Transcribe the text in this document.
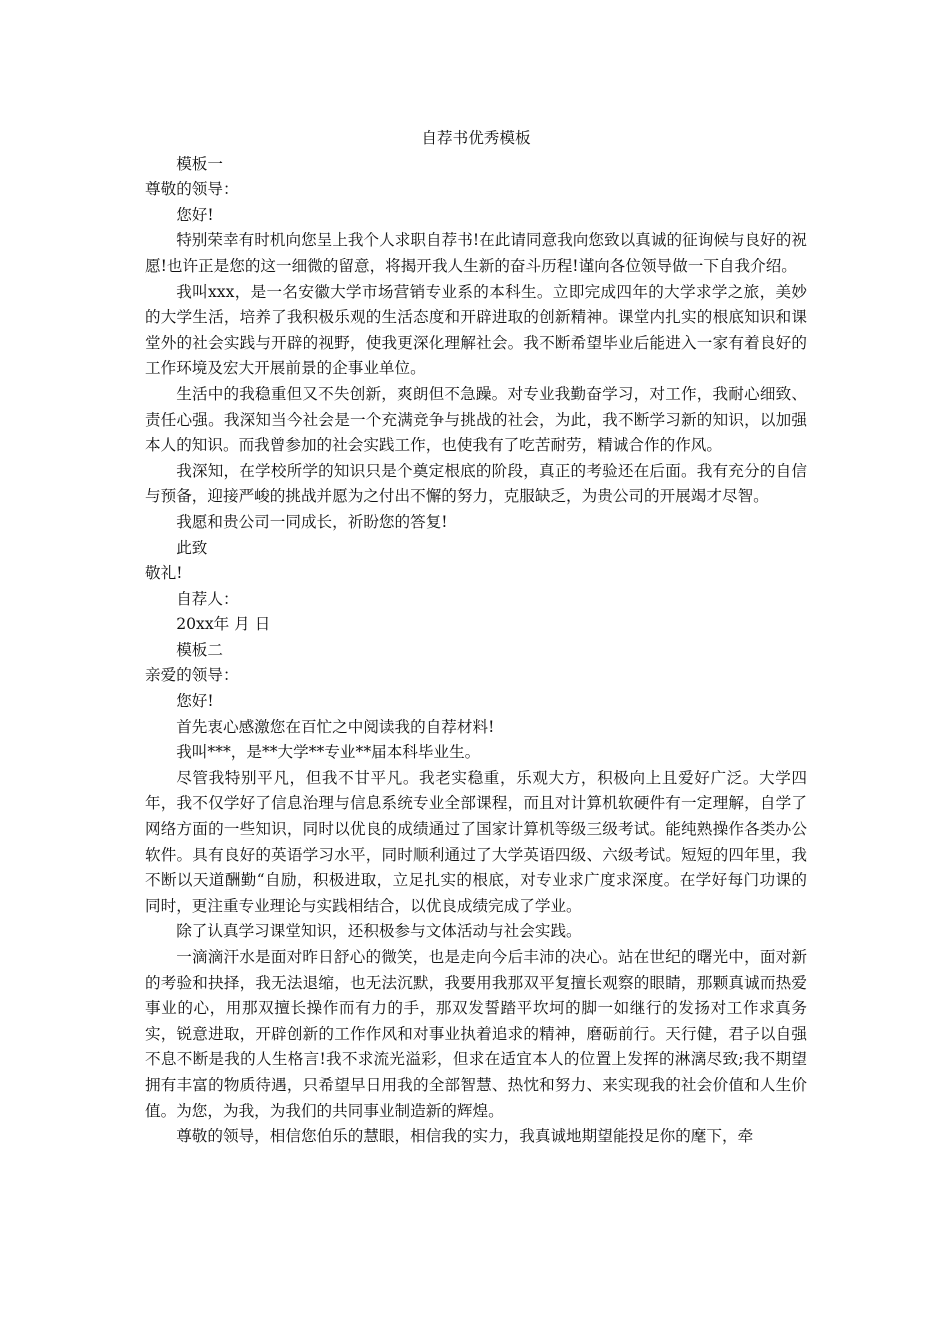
自荐书优秀模板

模板一

尊敬的领导：

您好!

特别荣幸有时机向您呈上我个人求职自荐书!在此请同意我向您致以真诚的征询候与良好的祝愿!也许正是您的这一细微的留意，将揭开我人生新的奋斗历程!谨向各位领导做一下自我介绍。

我叫xxx，是一名安徽大学市场营销专业系的本科生。立即完成四年的大学求学之旅，美妙的大学生活，培养了我积极乐观的生活态度和开辟进取的创新精神。课堂内扎实的根底知识和课堂外的社会实践与开辟的视野，使我更深化理解社会。我不断希望毕业后能进入一家有着良好的工作环境及宏大开展前景的企事业单位。

生活中的我稳重但又不失创新，爽朗但不急躁。对专业我勤奋学习，对工作，我耐心细致、责任心强。我深知当今社会是一个充满竞争与挑战的社会，为此，我不断学习新的知识，以加强本人的知识。而我曾参加的社会实践工作，也使我有了吃苦耐劳，精诚合作的作风。

我深知，在学校所学的知识只是个奠定根底的阶段，真正的考验还在后面。我有充分的自信与预备，迎接严峻的挑战并愿为之付出不懈的努力，克服缺乏，为贵公司的开展竭才尽智。

我愿和贵公司一同成长，祈盼您的答复!

此致

敬礼!

自荐人：

20xx年 月 日

模板二

亲爱的领导：

您好!

首先衷心感激您在百忙之中阅读我的自荐材料!

我叫***，是**大学**专业**届本科毕业生。

尽管我特别平凡，但我不甘平凡。我老实稳重，乐观大方，积极向上且爱好广泛。大学四年，我不仅学好了信息治理与信息系统专业全部课程，而且对计算机软硬件有一定理解，自学了网络方面的一些知识，同时以优良的成绩通过了国家计算机等级三级考试。能纯熟操作各类办公软件。具有良好的英语学习水平，同时顺利通过了大学英语四级、六级考试。短短的四年里，我不断以天道酬勤“自励，积极进取，立足扎实的根底，对专业求广度求深度。在学好每门功课的同时，更注重专业理论与实践相结合，以优良成绩完成了学业。

除了认真学习课堂知识，还积极参与文体活动与社会实践。

一滴滴汗水是面对昨日舒心的微笑，也是走向今后丰沛的决心。站在世纪的曙光中，面对新的考验和抉择，我无法退缩，也无法沉默，我要用我那双平复擅长观察的眼睛，那颗真诚而热爱事业的心，用那双擅长操作而有力的手，那双发誓踏平坎坷的脚一如继行的发扬对工作求真务实，锐意进取，开辟创新的工作作风和对事业执着追求的精神，磨砺前行。天行健，君子以自强不息不断是我的人生格言!我不求流光溢彩，但求在适宜本人的位置上发挥的淋漓尽致;我不期望拥有丰富的物质待遇，只希望早日用我的全部智慧、热忱和努力、来实现我的社会价值和人生价值。为您，为我，为我们的共同事业制造新的辉煌。

尊敬的领导，相信您伯乐的慧眼，相信我的实力，我真诚地期望能投足你的麾下，牵
